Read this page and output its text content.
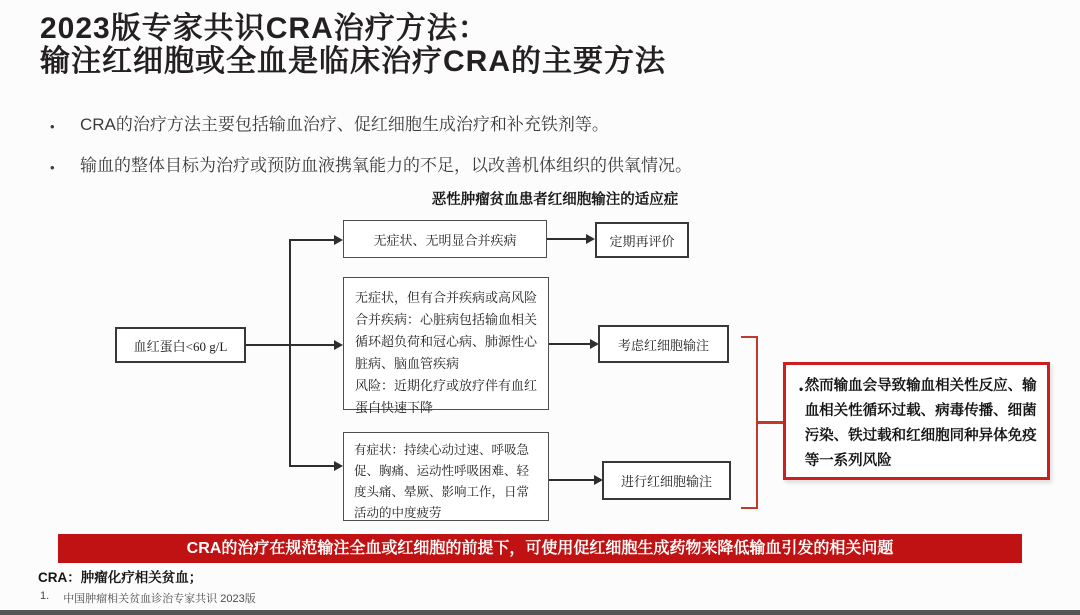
2023版专家共识CRA治疗方法：
输注红细胞或全血是临床治疗CRA的主要方法
•	CRA的治疗方法主要包括输血治疗、促红细胞生成治疗和补充铁剂等。
•	输血的整体目标为治疗或预防血液携氧能力的不足，以改善机体组织的供氧情况。
恶性肿瘤贫血患者红细胞输注的适应症
血红蛋白<60 g/L
无症状、无明显合并疾病	定期再评价
无症状，但有合并疾病或高风险
合并疾病：心脏病包括输血相关循环超负荷和冠心病、肺源性心脏病、脑血管疾病
风险：近期化疗或放疗伴有血红蛋白快速下降
考虑红细胞输注
有症状：持续心动过速、呼吸急促、胸痛、运动性呼吸困难、轻度头痛、晕厥、影响工作，日常活动的中度疲劳
进行红细胞输注
• 然而输血会导致输血相关性反应、输血相关性循环过载、病毒传播、细菌污染、铁过载和红细胞同种异体免疫等一系列风险
CRA的治疗在规范输注全血或红细胞的前提下，可使用促红细胞生成药物来降低输血引发的相关问题
CRA：肿瘤化疗相关贫血；
1. 中国肿瘤相关贫血诊治专家共识 2023版
